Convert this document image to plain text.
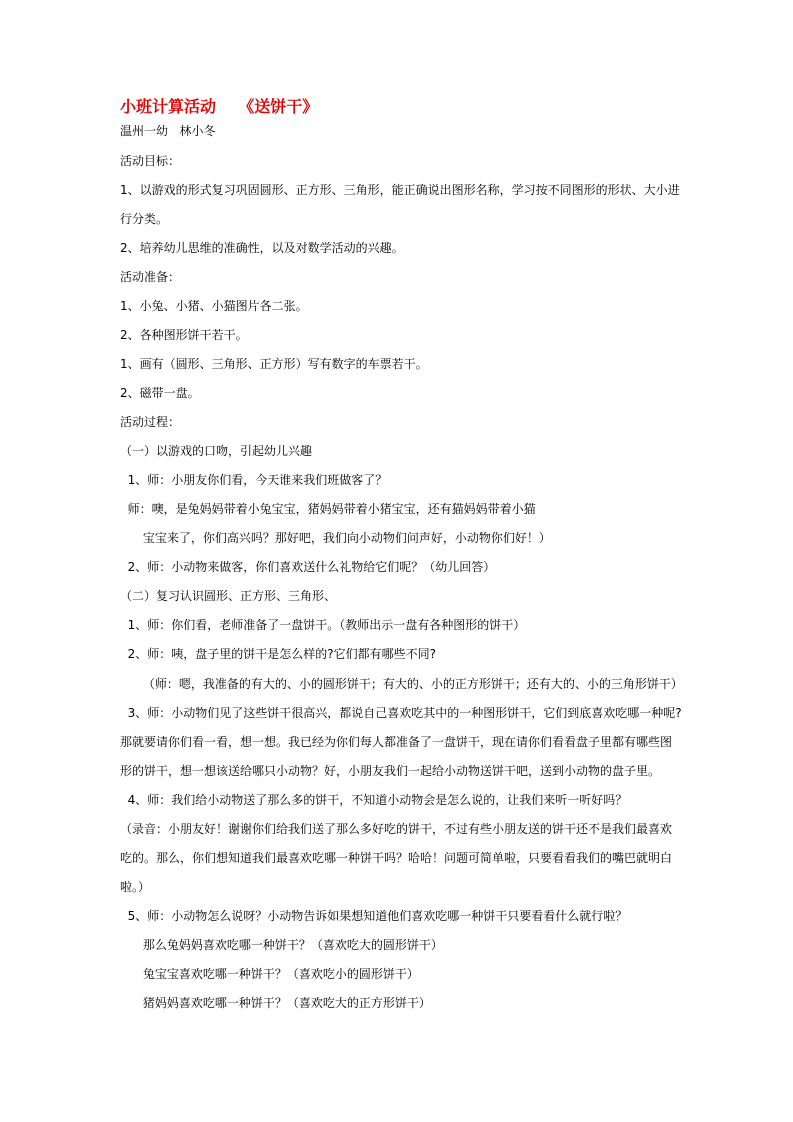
小班计算活动    《送饼干》
温州一幼   林小冬
活动目标：
1、以游戏的形式复习巩固圆形、正方形、三角形，能正确说出图形名称，学习按不同图形的形状、大小进
行分类。
2、培养幼儿思维的准确性，以及对数学活动的兴趣。
活动准备：
1、小兔、小猪、小猫图片各二张。
2、各种图形饼干若干。
1、画有（圆形、三角形、正方形）写有数字的车票若干。
2、磁带一盘。
活动过程：
（一）以游戏的口吻，引起幼儿兴趣
1、师：小朋友你们看，今天谁来我们班做客了？
师：噢，是兔妈妈带着小兔宝宝，猪妈妈带着小猪宝宝，还有猫妈妈带着小猫
宝宝来了，你们高兴吗？那好吧，我们向小动物们问声好，小动物你们好！）
2、师：小动物来做客，你们喜欢送什么礼物给它们呢？（幼儿回答）
（二）复习认识圆形、正方形、三角形、
1、师：你们看，老师准备了一盘饼干。（教师出示一盘有各种图形的饼干）
2、师：咦，盘子里的饼干是怎么样的?它们都有哪些不同?
（师：嗯，我准备的有大的、小的圆形饼干；有大的、小的正方形饼干；还有大的、小的三角形饼干）
3、师：小动物们见了这些饼干很高兴，都说自己喜欢吃其中的一种图形饼干，它们到底喜欢吃哪一种呢?
那就要请你们看一看，想一想。我已经为你们每人都准备了一盘饼干，现在请你们看看盘子里都有哪些图
形的饼干，想一想该送给哪只小动物？好，小朋友我们一起给小动物送饼干吧，送到小动物的盘子里。
4、师：我们给小动物送了那么多的饼干，不知道小动物会是怎么说的，让我们来听一听好吗？
（录音：小朋友好！谢谢你们给我们送了那么多好吃的饼干，不过有些小朋友送的饼干还不是我们最喜欢
吃的。那么，你们想知道我们最喜欢吃哪一种饼干吗？哈哈！问题可简单啦，只要看看我们的嘴巴就明白
啦。）
5、师：小动物怎么说呀？小动物告诉如果想知道他们喜欢吃哪一种饼干只要看看什么就行啦？
那么兔妈妈喜欢吃哪一种饼干？（喜欢吃大的圆形饼干）
兔宝宝喜欢吃哪一种饼干？（喜欢吃小的圆形饼干）
猪妈妈喜欢吃哪一种饼干？（喜欢吃大的正方形饼干）
